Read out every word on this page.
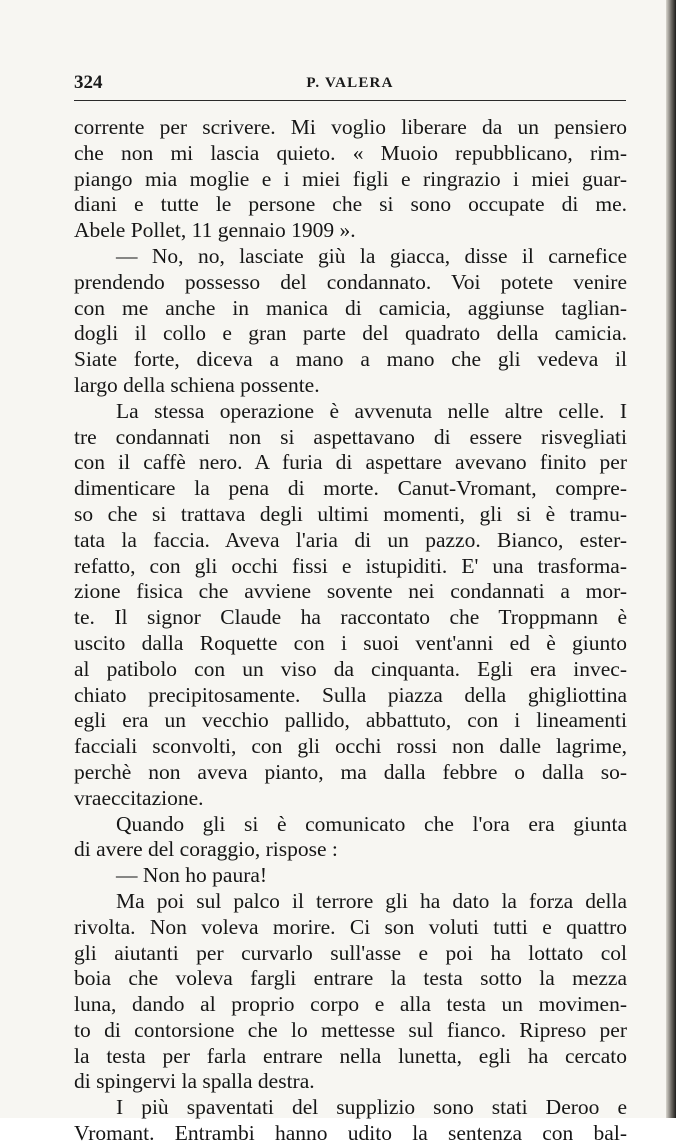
324	P. VALERA
corrente per scrivere. Mi voglio liberare da un pensiero
che non mi lascia quieto. « Muoio repubblicano, rim-
piango mia moglie e i miei figli e ringrazio i miei guar-
diani e tutte le persone che si sono occupate di me.
Abele Pollet, 11 gennaio 1909 ».
— No, no, lasciate giù la giacca, disse il carnefice
prendendo possesso del condannato. Voi potete venire
con me anche in manica di camicia, aggiunse taglian-
dogli il collo e gran parte del quadrato della camicia.
Siate forte, diceva a mano a mano che gli vedeva il
largo della schiena possente.
La stessa operazione è avvenuta nelle altre celle. I
tre condannati non si aspettavano di essere risvegliati
con il caffè nero. A furia di aspettare avevano finito per
dimenticare la pena di morte. Canut-Vromant, compre-
so che si trattava degli ultimi momenti, gli si è tramu-
tata la faccia. Aveva l'aria di un pazzo. Bianco, ester-
refatto, con gli occhi fissi e istupiditi. E' una trasforma-
zione fisica che avviene sovente nei condannati a mor-
te. Il signor Claude ha raccontato che Troppmann è
uscito dalla Roquette con i suoi vent'anni ed è giunto
al patibolo con un viso da cinquanta. Egli era invec-
chiato precipitosamente. Sulla piazza della ghigliottina
egli era un vecchio pallido, abbattuto, con i lineamenti
facciali sconvolti, con gli occhi rossi non dalle lagrime,
perchè non aveva pianto, ma dalla febbre o dalla so-
vraeccitazione.
Quando gli si è comunicato che l'ora era giunta
di avere del coraggio, rispose :
— Non ho paura!
Ma poi sul palco il terrore gli ha dato la forza della
rivolta. Non voleva morire. Ci son voluti tutti e quattro
gli aiutanti per curvarlo sull'asse e poi ha lottato col
boia che voleva fargli entrare la testa sotto la mezza
luna, dando al proprio corpo e alla testa un movimen-
to di contorsione che lo mettesse sul fianco. Ripreso per
la testa per farla entrare nella lunetta, egli ha cercato
di spingervi la spalla destra.
I più spaventati del supplizio sono stati Deroo e
Vromant. Entrambi hanno udito la sentenza con bal-
